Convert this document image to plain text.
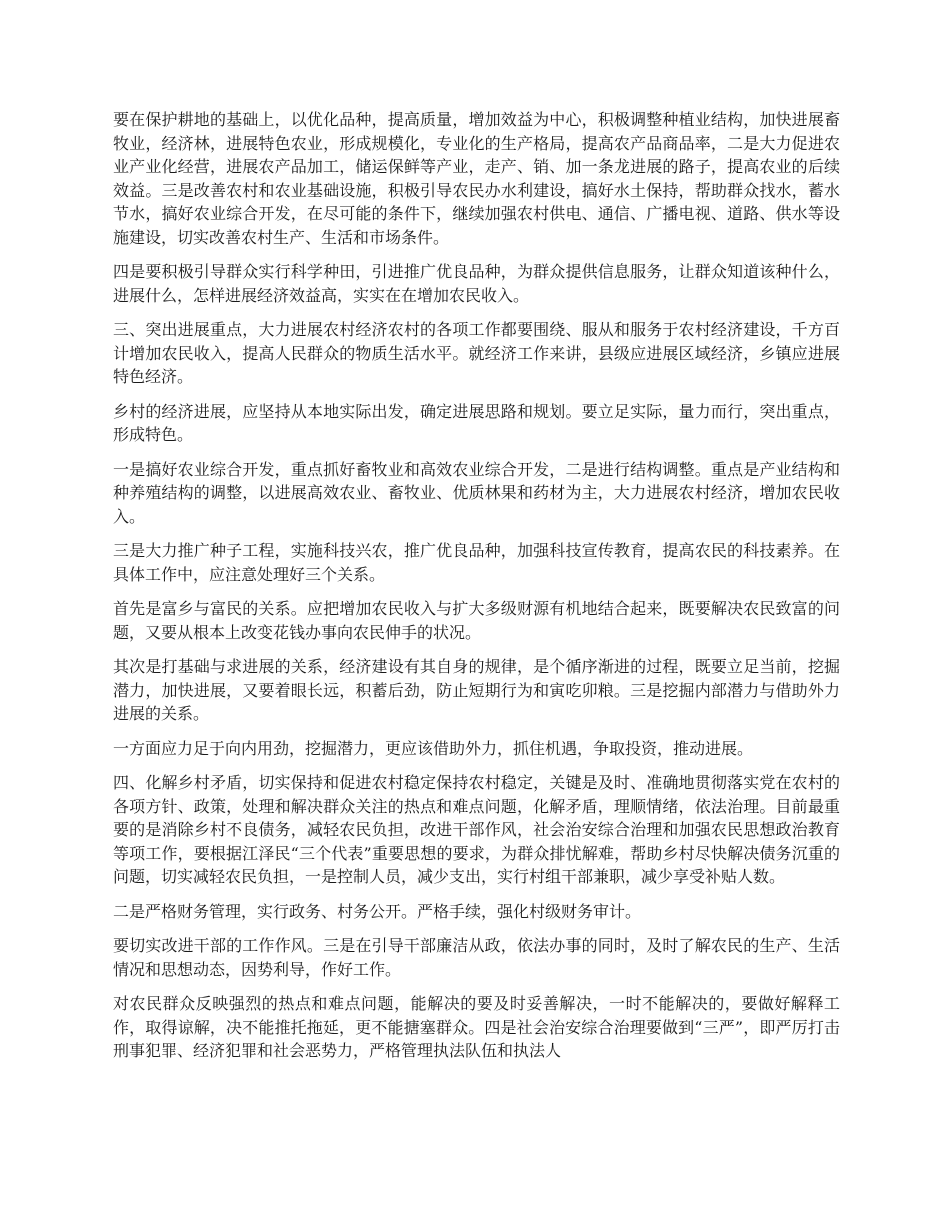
要在保护耕地的基础上，以优化品种，提高质量，增加效益为中心，积极调整种植业结构，加快进展畜牧业，经济林，进展特色农业，形成规模化，专业化的生产格局，提高农产品商品率，二是大力促进农业产业化经营，进展农产品加工，储运保鲜等产业，走产、销、加一条龙进展的路子，提高农业的后续效益。三是改善农村和农业基础设施，积极引导农民办水利建设，搞好水土保持，帮助群众找水，蓄水节水，搞好农业综合开发，在尽可能的条件下，继续加强农村供电、通信、广播电视、道路、供水等设施建设，切实改善农村生产、生活和市场条件。

四是要积极引导群众实行科学种田，引进推广优良品种，为群众提供信息服务，让群众知道该种什么，进展什么，怎样进展经济效益高，实实在在增加农民收入。

三、突出进展重点，大力进展农村经济农村的各项工作都要围绕、服从和服务于农村经济建设，千方百计增加农民收入，提高人民群众的物质生活水平。就经济工作来讲，县级应进展区域经济，乡镇应进展特色经济。

乡村的经济进展，应坚持从本地实际出发，确定进展思路和规划。要立足实际，量力而行，突出重点，形成特色。

一是搞好农业综合开发，重点抓好畜牧业和高效农业综合开发，二是进行结构调整。重点是产业结构和种养殖结构的调整，以进展高效农业、畜牧业、优质林果和药材为主，大力进展农村经济，增加农民收入。

三是大力推广种子工程，实施科技兴农，推广优良品种，加强科技宣传教育，提高农民的科技素养。在具体工作中，应注意处理好三个关系。

首先是富乡与富民的关系。应把增加农民收入与扩大多级财源有机地结合起来，既要解决农民致富的问题，又要从根本上改变花钱办事向农民伸手的状况。

其次是打基础与求进展的关系，经济建设有其自身的规律，是个循序渐进的过程，既要立足当前，挖掘潜力，加快进展，又要着眼长远，积蓄后劲，防止短期行为和寅吃卯粮。三是挖掘内部潜力与借助外力进展的关系。

一方面应力足于向内用劲，挖掘潜力，更应该借助外力，抓住机遇，争取投资，推动进展。

四、化解乡村矛盾，切实保持和促进农村稳定保持农村稳定，关键是及时、准确地贯彻落实党在农村的各项方针、政策，处理和解决群众关注的热点和难点问题，化解矛盾，理顺情绪，依法治理。目前最重要的是消除乡村不良债务，减轻农民负担，改进干部作风，社会治安综合治理和加强农民思想政治教育等项工作，要根据江泽民“三个代表”重要思想的要求，为群众排忧解难，帮助乡村尽快解决债务沉重的问题，切实减轻农民负担，一是控制人员，减少支出，实行村组干部兼职，减少享受补贴人数。

二是严格财务管理，实行政务、村务公开。严格手续，强化村级财务审计。

要切实改进干部的工作作风。三是在引导干部廉洁从政，依法办事的同时，及时了解农民的生产、生活情况和思想动态，因势利导，作好工作。

对农民群众反映强烈的热点和难点问题，能解决的要及时妥善解决，一时不能解决的，要做好解释工作，取得谅解，决不能推托拖延，更不能搪塞群众。四是社会治安综合治理要做到“三严”，即严厉打击刑事犯罪、经济犯罪和社会恶势力，严格管理执法队伍和执法人
